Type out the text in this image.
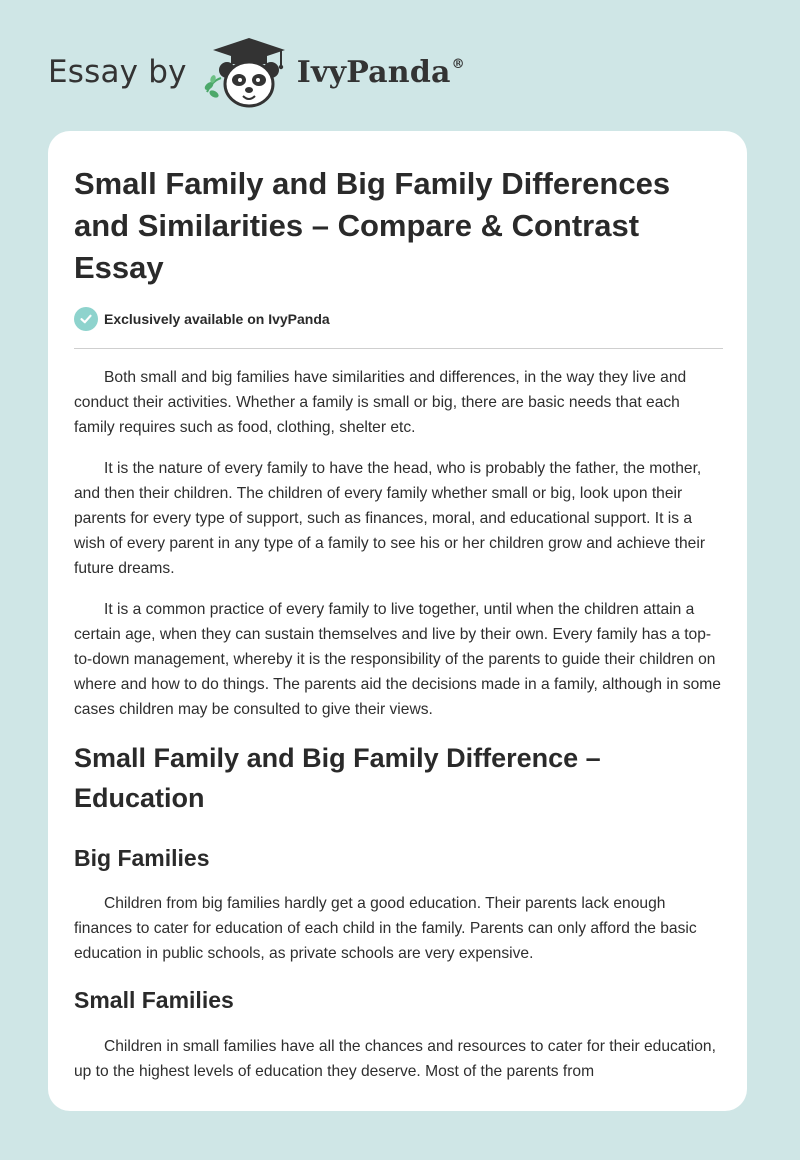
Essay by	IvyPanda®
Small Family and Big Family Differences and Similarities – Compare & Contrast Essay
Exclusively available on IvyPanda

Both small and big families have similarities and differences, in the way they live and conduct their activities. Whether a family is small or big, there are basic needs that each family requires such as food, clothing, shelter etc.

It is the nature of every family to have the head, who is probably the father, the mother, and then their children. The children of every family whether small or big, look upon their parents for every type of support, such as finances, moral, and educational support. It is a wish of every parent in any type of a family to see his or her children grow and achieve their future dreams.

It is a common practice of every family to live together, until when the children attain a certain age, when they can sustain themselves and live by their own. Every family has a top-to-down management, whereby it is the responsibility of the parents to guide their children on where and how to do things. The parents aid the decisions made in a family, although in some cases children may be consulted to give their views.

Small Family and Big Family Difference – Education
Big Families

Children from big families hardly get a good education. Their parents lack enough finances to cater for education of each child in the family. Parents can only afford the basic education in public schools, as private schools are very expensive.

Small Families

Children in small families have all the chances and resources to cater for their education, up to the highest levels of education they deserve. Most of the parents from
